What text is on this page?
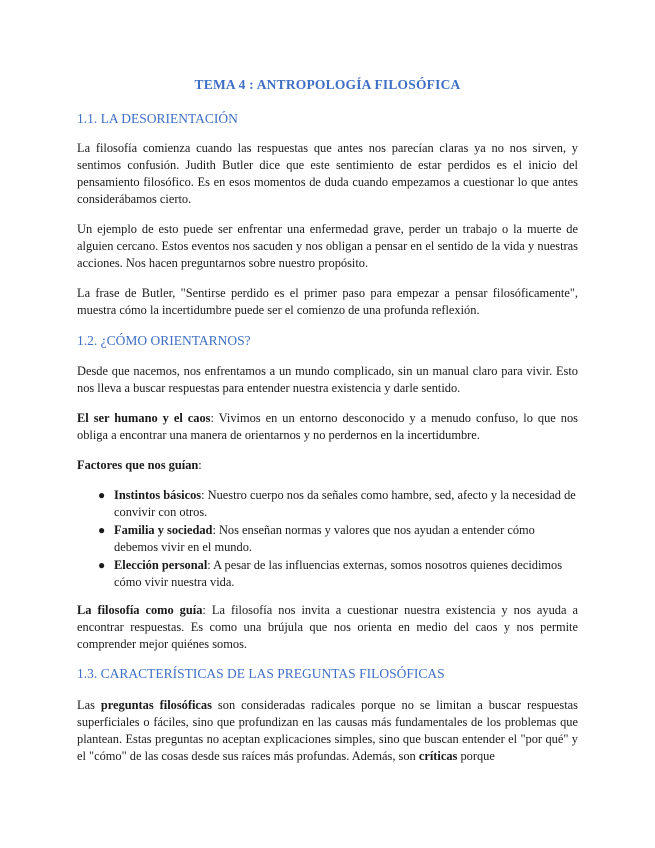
TEMA 4 : ANTROPOLOGÍA FILOSÓFICA
1.1. LA DESORIENTACIÓN

La filosofía comienza cuando las respuestas que antes nos parecían claras ya no nos sirven, y sentimos confusión. Judith Butler dice que este sentimiento de estar perdidos es el inicio del pensamiento filosófico. Es en esos momentos de duda cuando empezamos a cuestionar lo que antes considerábamos cierto.

Un ejemplo de esto puede ser enfrentar una enfermedad grave, perder un trabajo o la muerte de alguien cercano. Estos eventos nos sacuden y nos obligan a pensar en el sentido de la vida y nuestras acciones. Nos hacen preguntarnos sobre nuestro propósito.

La frase de Butler, "Sentirse perdido es el primer paso para empezar a pensar filosóficamente", muestra cómo la incertidumbre puede ser el comienzo de una profunda reflexión.

1.2. ¿CÓMO ORIENTARNOS?

Desde que nacemos, nos enfrentamos a un mundo complicado, sin un manual claro para vivir. Esto nos lleva a buscar respuestas para entender nuestra existencia y darle sentido.

El ser humano y el caos: Vivimos en un entorno desconocido y a menudo confuso, lo que nos obliga a encontrar una manera de orientarnos y no perdernos en la incertidumbre.

Factores que nos guían:

● Instintos básicos: Nuestro cuerpo nos da señales como hambre, sed, afecto y la necesidad de convivir con otros.
● Familia y sociedad: Nos enseñan normas y valores que nos ayudan a entender cómo debemos vivir en el mundo.
● Elección personal: A pesar de las influencias externas, somos nosotros quienes decidimos cómo vivir nuestra vida.

La filosofía como guía: La filosofía nos invita a cuestionar nuestra existencia y nos ayuda a encontrar respuestas. Es como una brújula que nos orienta en medio del caos y nos permite comprender mejor quiénes somos.

1.3. CARACTERÍSTICAS DE LAS PREGUNTAS FILOSÓFICAS

Las preguntas filosóficas son consideradas radicales porque no se limitan a buscar respuestas superficiales o fáciles, sino que profundizan en las causas más fundamentales de los problemas que plantean. Estas preguntas no aceptan explicaciones simples, sino que buscan entender el "por qué" y el "cómo" de las cosas desde sus raíces más profundas. Además, son críticas porque
